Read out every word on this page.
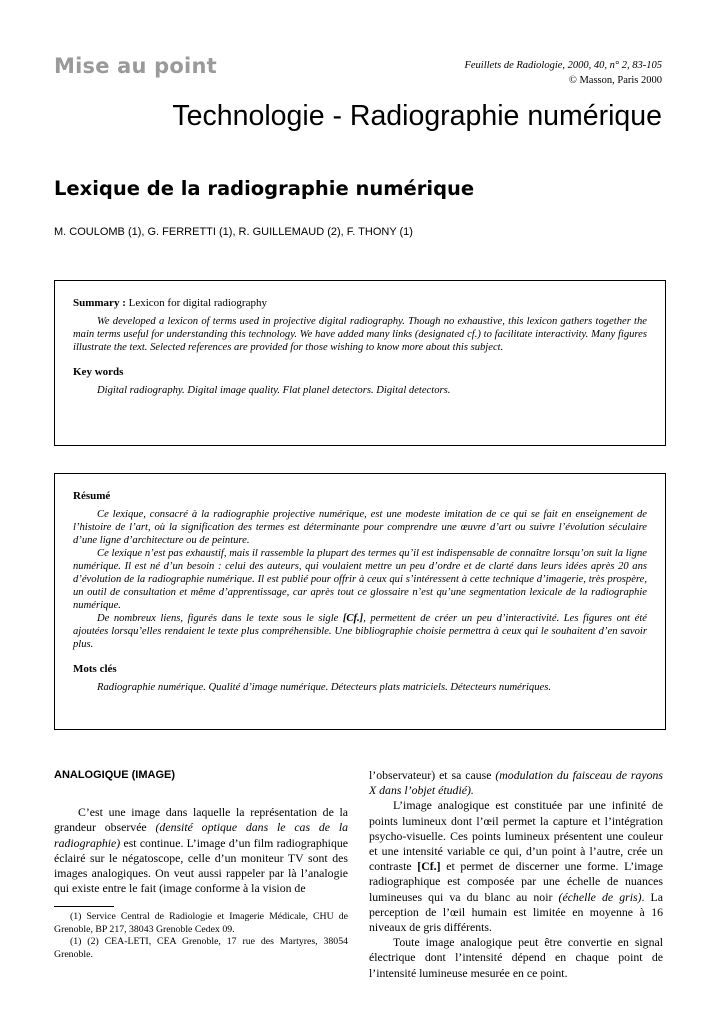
Mise au point	Feuillets de Radiologie, 2000, 40, n° 2, 83-105
© Masson, Paris 2000
Technologie - Radiographie numérique
Lexique de la radiographie numérique
M. COULOMB (1), G. FERRETTI (1), R. GUILLEMAUD (2), F. THONY (1)
Summary : Lexicon for digital radiography

We developed a lexicon of terms used in projective digital radiography. Though no exhaustive, this lexicon gathers together the main terms useful for understanding this technology. We have added many links (designated cf.) to facilitate interactivity. Many figures illustrate the text. Selected references are provided for those wishing to know more about this subject.

Key words
Digital radiography. Digital image quality. Flat planel detectors. Digital detectors.
Résumé

Ce lexique, consacré à la radiographie projective numérique, est une modeste imitation de ce qui se fait en enseignement de l’histoire de l’art, où la signification des termes est déterminante pour comprendre une œuvre d’art ou suivre l’évolution séculaire d’une ligne d’architecture ou de peinture.

Ce lexique n’est pas exhaustif, mais il rassemble la plupart des termes qu’il est indispensable de connaître lorsqu’on suit la ligne numérique. Il est né d’un besoin : celui des auteurs, qui voulaient mettre un peu d’ordre et de clarté dans leurs idées après 20 ans d’évolution de la radiographie numérique. Il est publié pour offrir à ceux qui s’intéressent à cette technique d’imagerie, très prospère, un outil de consultation et même d’apprentissage, car après tout ce glossaire n’est qu’une segmentation lexicale de la radiographie numérique.

De nombreux liens, figurés dans le texte sous le sigle [Cf.], permettent de créer un peu d’interactivité. Les figures ont été ajoutées lorsqu’elles rendaient le texte plus compréhensible. Une bibliographie choisie permettra à ceux qui le souhaitent d’en savoir plus.

Mots clés
Radiographie numérique. Qualité d’image numérique. Détecteurs plats matriciels. Détecteurs numériques.
ANALOGIQUE (IMAGE)

C’est une image dans laquelle la représentation de la grandeur observée (densité optique dans le cas de la radiographie) est continue. L’image d’un film radiographique éclairé sur le négatoscope, celle d’un moniteur TV sont des images analogiques. On veut aussi rappeler par là l’analogie qui existe entre le fait (image conforme à la vision de

l’observateur) et sa cause (modulation du faisceau de rayons X dans l’objet étudié).

L’image analogique est constituée par une infinité de points lumineux dont l’œil permet la capture et l’intégration psycho-visuelle. Ces points lumineux présentent une couleur et une intensité variable ce qui, d’un point à l’autre, crée un contraste [Cf.] et permet de discerner une forme. L’image radiographique est composée par une échelle de nuances lumineuses qui va du blanc au noir (échelle de gris). La perception de l’œil humain est limitée en moyenne à 16 niveaux de gris différents.

Toute image analogique peut être convertie en signal électrique dont l’intensité dépend en chaque point de l’intensité lumineuse mesurée en ce point.

(1) Service Central de Radiologie et Imagerie Médicale, CHU de Grenoble, BP 217, 38043 Grenoble Cedex 09.

(1) (2) CEA-LETI, CEA Grenoble, 17 rue des Martyres, 38054 Grenoble.
